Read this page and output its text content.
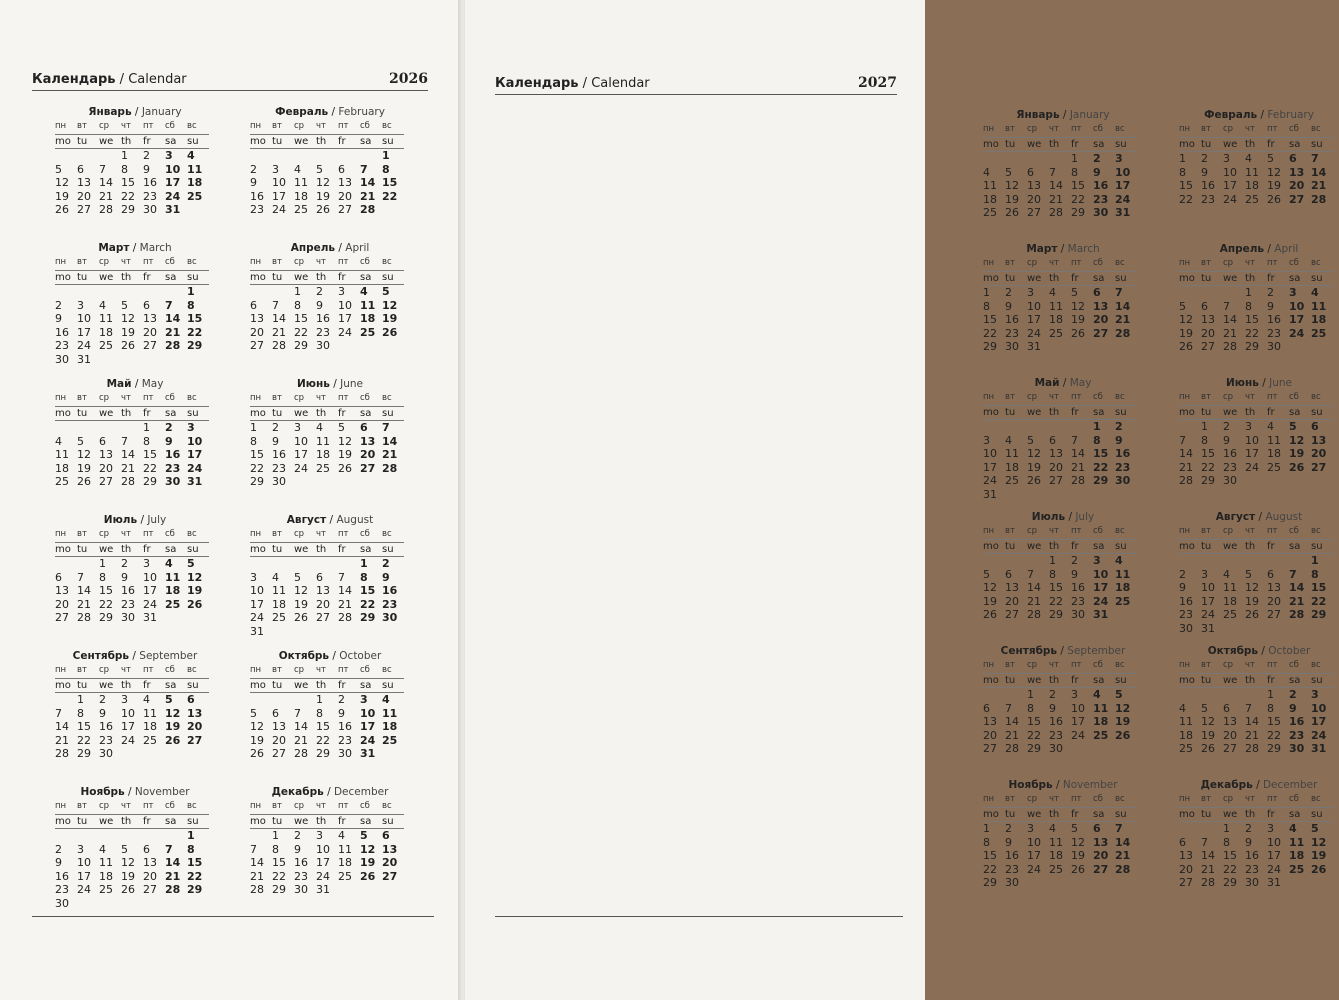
Календарь / Calendar	2026
Январь / January
пн	вт	ср	чт	пт	сб	вс
mo	tu	we	th	fr	sa	su
			1	2	3	4
5	6	7	8	9	10	11
12	13	14	15	16	17	18
19	20	21	22	23	24	25
26	27	28	29	30	31	
Февраль / February
пн	вт	ср	чт	пт	сб	вс
mo	tu	we	th	fr	sa	su
						1
2	3	4	5	6	7	8
9	10	11	12	13	14	15
16	17	18	19	20	21	22
23	24	25	26	27	28	
Март / March
пн	вт	ср	чт	пт	сб	вс
mo	tu	we	th	fr	sa	su
						1
2	3	4	5	6	7	8
9	10	11	12	13	14	15
16	17	18	19	20	21	22
23	24	25	26	27	28	29
30	31					
Апрель / April
пн	вт	ср	чт	пт	сб	вс
mo	tu	we	th	fr	sa	su
		1	2	3	4	5
6	7	8	9	10	11	12
13	14	15	16	17	18	19
20	21	22	23	24	25	26
27	28	29	30			
Май / May
пн	вт	ср	чт	пт	сб	вс
mo	tu	we	th	fr	sa	su
				1	2	3
4	5	6	7	8	9	10
11	12	13	14	15	16	17
18	19	20	21	22	23	24
25	26	27	28	29	30	31
Июнь / June
пн	вт	ср	чт	пт	сб	вс
mo	tu	we	th	fr	sa	su
1	2	3	4	5	6	7
8	9	10	11	12	13	14
15	16	17	18	19	20	21
22	23	24	25	26	27	28
29	30					
Июль / July
пн	вт	ср	чт	пт	сб	вс
mo	tu	we	th	fr	sa	su
		1	2	3	4	5
6	7	8	9	10	11	12
13	14	15	16	17	18	19
20	21	22	23	24	25	26
27	28	29	30	31		
Август / August
пн	вт	ср	чт	пт	сб	вс
mo	tu	we	th	fr	sa	su
					1	2
3	4	5	6	7	8	9
10	11	12	13	14	15	16
17	18	19	20	21	22	23
24	25	26	27	28	29	30
31						
Сентябрь / September
пн	вт	ср	чт	пт	сб	вс
mo	tu	we	th	fr	sa	su
	1	2	3	4	5	6
7	8	9	10	11	12	13
14	15	16	17	18	19	20
21	22	23	24	25	26	27
28	29	30				
Октябрь / October
пн	вт	ср	чт	пт	сб	вс
mo	tu	we	th	fr	sa	su
			1	2	3	4
5	6	7	8	9	10	11
12	13	14	15	16	17	18
19	20	21	22	23	24	25
26	27	28	29	30	31	
Ноябрь / November
пн	вт	ср	чт	пт	сб	вс
mo	tu	we	th	fr	sa	su
						1
2	3	4	5	6	7	8
9	10	11	12	13	14	15
16	17	18	19	20	21	22
23	24	25	26	27	28	29
30						
Декабрь / December
пн	вт	ср	чт	пт	сб	вс
mo	tu	we	th	fr	sa	su
	1	2	3	4	5	6
7	8	9	10	11	12	13
14	15	16	17	18	19	20
21	22	23	24	25	26	27
28	29	30	31			
Календарь / Calendar	2027
Январь / January
пн	вт	ср	чт	пт	сб	вс
mo	tu	we	th	fr	sa	su
				1	2	3
4	5	6	7	8	9	10
11	12	13	14	15	16	17
18	19	20	21	22	23	24
25	26	27	28	29	30	31
Февраль / February
пн	вт	ср	чт	пт	сб	вс
mo	tu	we	th	fr	sa	su
1	2	3	4	5	6	7
8	9	10	11	12	13	14
15	16	17	18	19	20	21
22	23	24	25	26	27	28
Март / March
пн	вт	ср	чт	пт	сб	вс
mo	tu	we	th	fr	sa	su
1	2	3	4	5	6	7
8	9	10	11	12	13	14
15	16	17	18	19	20	21
22	23	24	25	26	27	28
29	30	31				
Апрель / April
пн	вт	ср	чт	пт	сб	вс
mo	tu	we	th	fr	sa	su
			1	2	3	4
5	6	7	8	9	10	11
12	13	14	15	16	17	18
19	20	21	22	23	24	25
26	27	28	29	30		
Май / May
пн	вт	ср	чт	пт	сб	вс
mo	tu	we	th	fr	sa	su
					1	2
3	4	5	6	7	8	9
10	11	12	13	14	15	16
17	18	19	20	21	22	23
24	25	26	27	28	29	30
31						
Июнь / June
пн	вт	ср	чт	пт	сб	вс
mo	tu	we	th	fr	sa	su
	1	2	3	4	5	6
7	8	9	10	11	12	13
14	15	16	17	18	19	20
21	22	23	24	25	26	27
28	29	30				
Июль / July
пн	вт	ср	чт	пт	сб	вс
mo	tu	we	th	fr	sa	su
			1	2	3	4
5	6	7	8	9	10	11
12	13	14	15	16	17	18
19	20	21	22	23	24	25
26	27	28	29	30	31	
Август / August
пн	вт	ср	чт	пт	сб	вс
mo	tu	we	th	fr	sa	su
						1
2	3	4	5	6	7	8
9	10	11	12	13	14	15
16	17	18	19	20	21	22
23	24	25	26	27	28	29
30	31					
Сентябрь / September
пн	вт	ср	чт	пт	сб	вс
mo	tu	we	th	fr	sa	su
		1	2	3	4	5
6	7	8	9	10	11	12
13	14	15	16	17	18	19
20	21	22	23	24	25	26
27	28	29	30			
Октябрь / October
пн	вт	ср	чт	пт	сб	вс
mo	tu	we	th	fr	sa	su
				1	2	3
4	5	6	7	8	9	10
11	12	13	14	15	16	17
18	19	20	21	22	23	24
25	26	27	28	29	30	31
Ноябрь / November
пн	вт	ср	чт	пт	сб	вс
mo	tu	we	th	fr	sa	su
1	2	3	4	5	6	7
8	9	10	11	12	13	14
15	16	17	18	19	20	21
22	23	24	25	26	27	28
29	30					
Декабрь / December
пн	вт	ср	чт	пт	сб	вс
mo	tu	we	th	fr	sa	su
		1	2	3	4	5
6	7	8	9	10	11	12
13	14	15	16	17	18	19
20	21	22	23	24	25	26
27	28	29	30	31		
